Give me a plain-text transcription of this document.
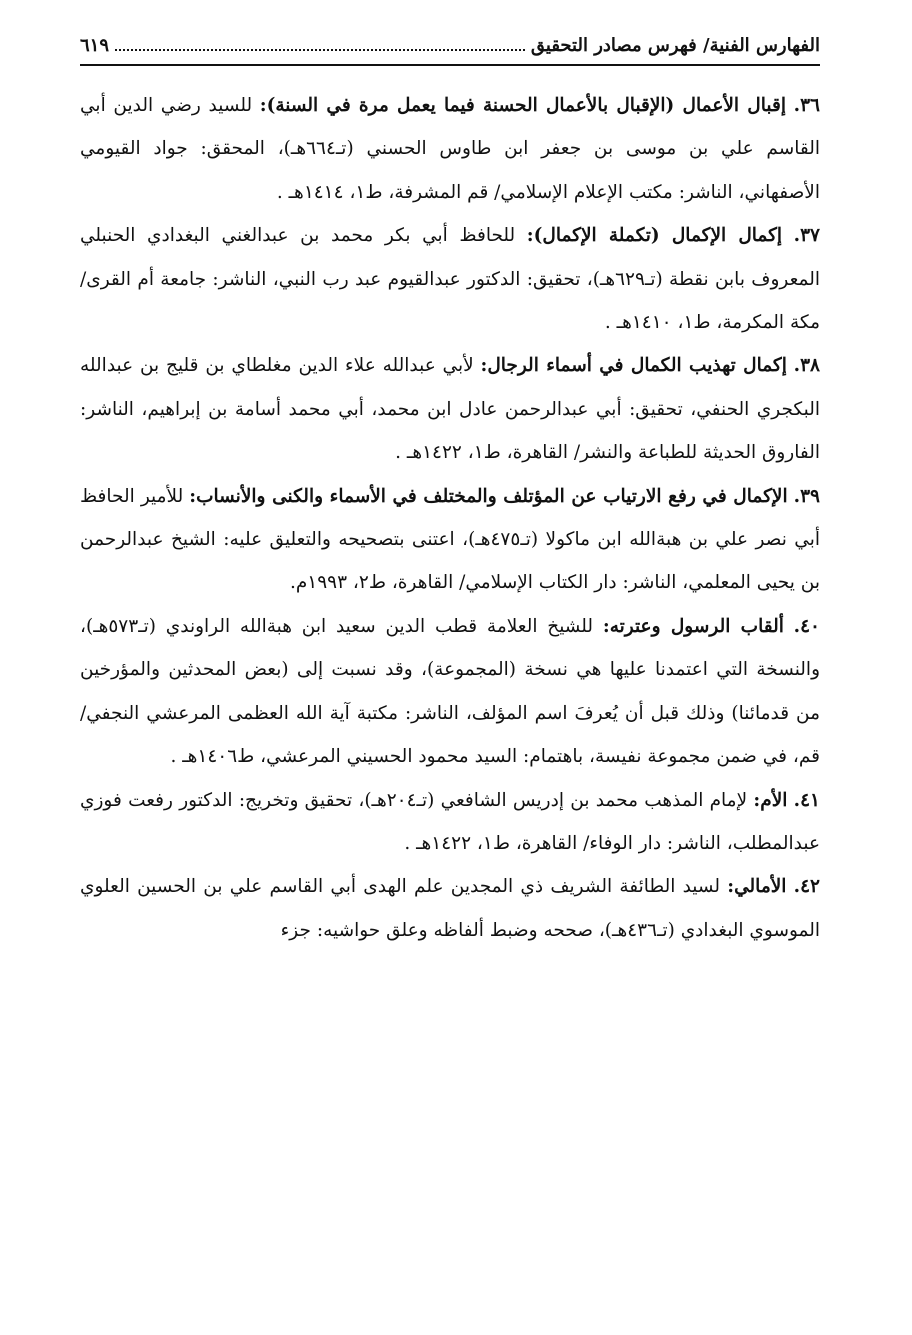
الفهارس الفنية/ فهرس مصادر التحقيق
٦١٩
٣٦. إقبال الأعمال (الإقبال بالأعمال الحسنة فيما يعمل مرة في السنة): للسيد رضي الدين أبي القاسم علي بن موسى بن جعفر ابن طاوس الحسني (ت‍ـ٦٦٤هـ)، المحقق: جواد القيومي الأصفهاني، الناشر: مكتب الإعلام الإسلامي/ قم المشرفة، ط١، ١٤١٤هـ .
٣٧. إكمال الإكمال (تكملة الإكمال): للحافظ أبي بكر محمد بن عبدالغني البغدادي الحنبلي المعروف بابن نقطة (ت‍ـ٦٢٩هـ)، تحقيق: الدكتور عبدالقيوم عبد رب النبي، الناشر: جامعة أم القرى/ مكة المكرمة، ط١، ١٤١٠هـ .
٣٨. إكمال تهذيب الكمال في أسماء الرجال: لأبي عبدالله علاء الدين مغلطاي بن قليج بن عبدالله البكجري الحنفي، تحقيق: أبي عبدالرحمن عادل ابن محمد، أبي محمد أسامة بن إبراهيم، الناشر: الفاروق الحديثة للطباعة والنشر/ القاهرة، ط١، ١٤٢٢هـ .
٣٩. الإكمال في رفع الارتياب عن المؤتلف والمختلف في الأسماء والكنى والأنساب: للأمير الحافظ أبي نصر علي بن هبةالله ابن ماكولا (ت‍ـ٤٧٥هـ)، اعتنى بتصحيحه والتعليق عليه: الشيخ عبدالرحمن بن يحيى المعلمي، الناشر: دار الكتاب الإسلامي/ القاهرة، ط٢، ١٩٩٣م.
٤٠. ألقاب الرسول وعترته: للشيخ العلامة قطب الدين سعيد ابن هبةالله الراوندي (ت‍ـ٥٧٣هـ)، والنسخة التي اعتمدنا عليها هي نسخة (المجموعة)، وقد نسبت إلى (بعض المحدثين والمؤرخين من قدمائنا) وذلك قبل أن يُعرفَ اسم المؤلف، الناشر: مكتبة آية الله العظمى المرعشي النجفي/ قم، في ضمن مجموعة نفيسة، باهتمام: السيد محمود الحسيني المرعشي، ط١٤٠٦هـ .
٤١. الأم: لإمام المذهب محمد بن إدريس الشافعي (ت‍ـ٢٠٤هـ)، تحقيق وتخريج: الدكتور رفعت فوزي عبدالمطلب، الناشر: دار الوفاء/ القاهرة، ط١، ١٤٢٢هـ .
٤٢. الأمالي: لسيد الطائفة الشريف ذي المجدين علم الهدى أبي القاسم علي بن الحسين العلوي الموسوي البغدادي (ت‍ـ٤٣٦هـ)، صححه وضبط ألفاظه وعلق حواشيه: جزء
